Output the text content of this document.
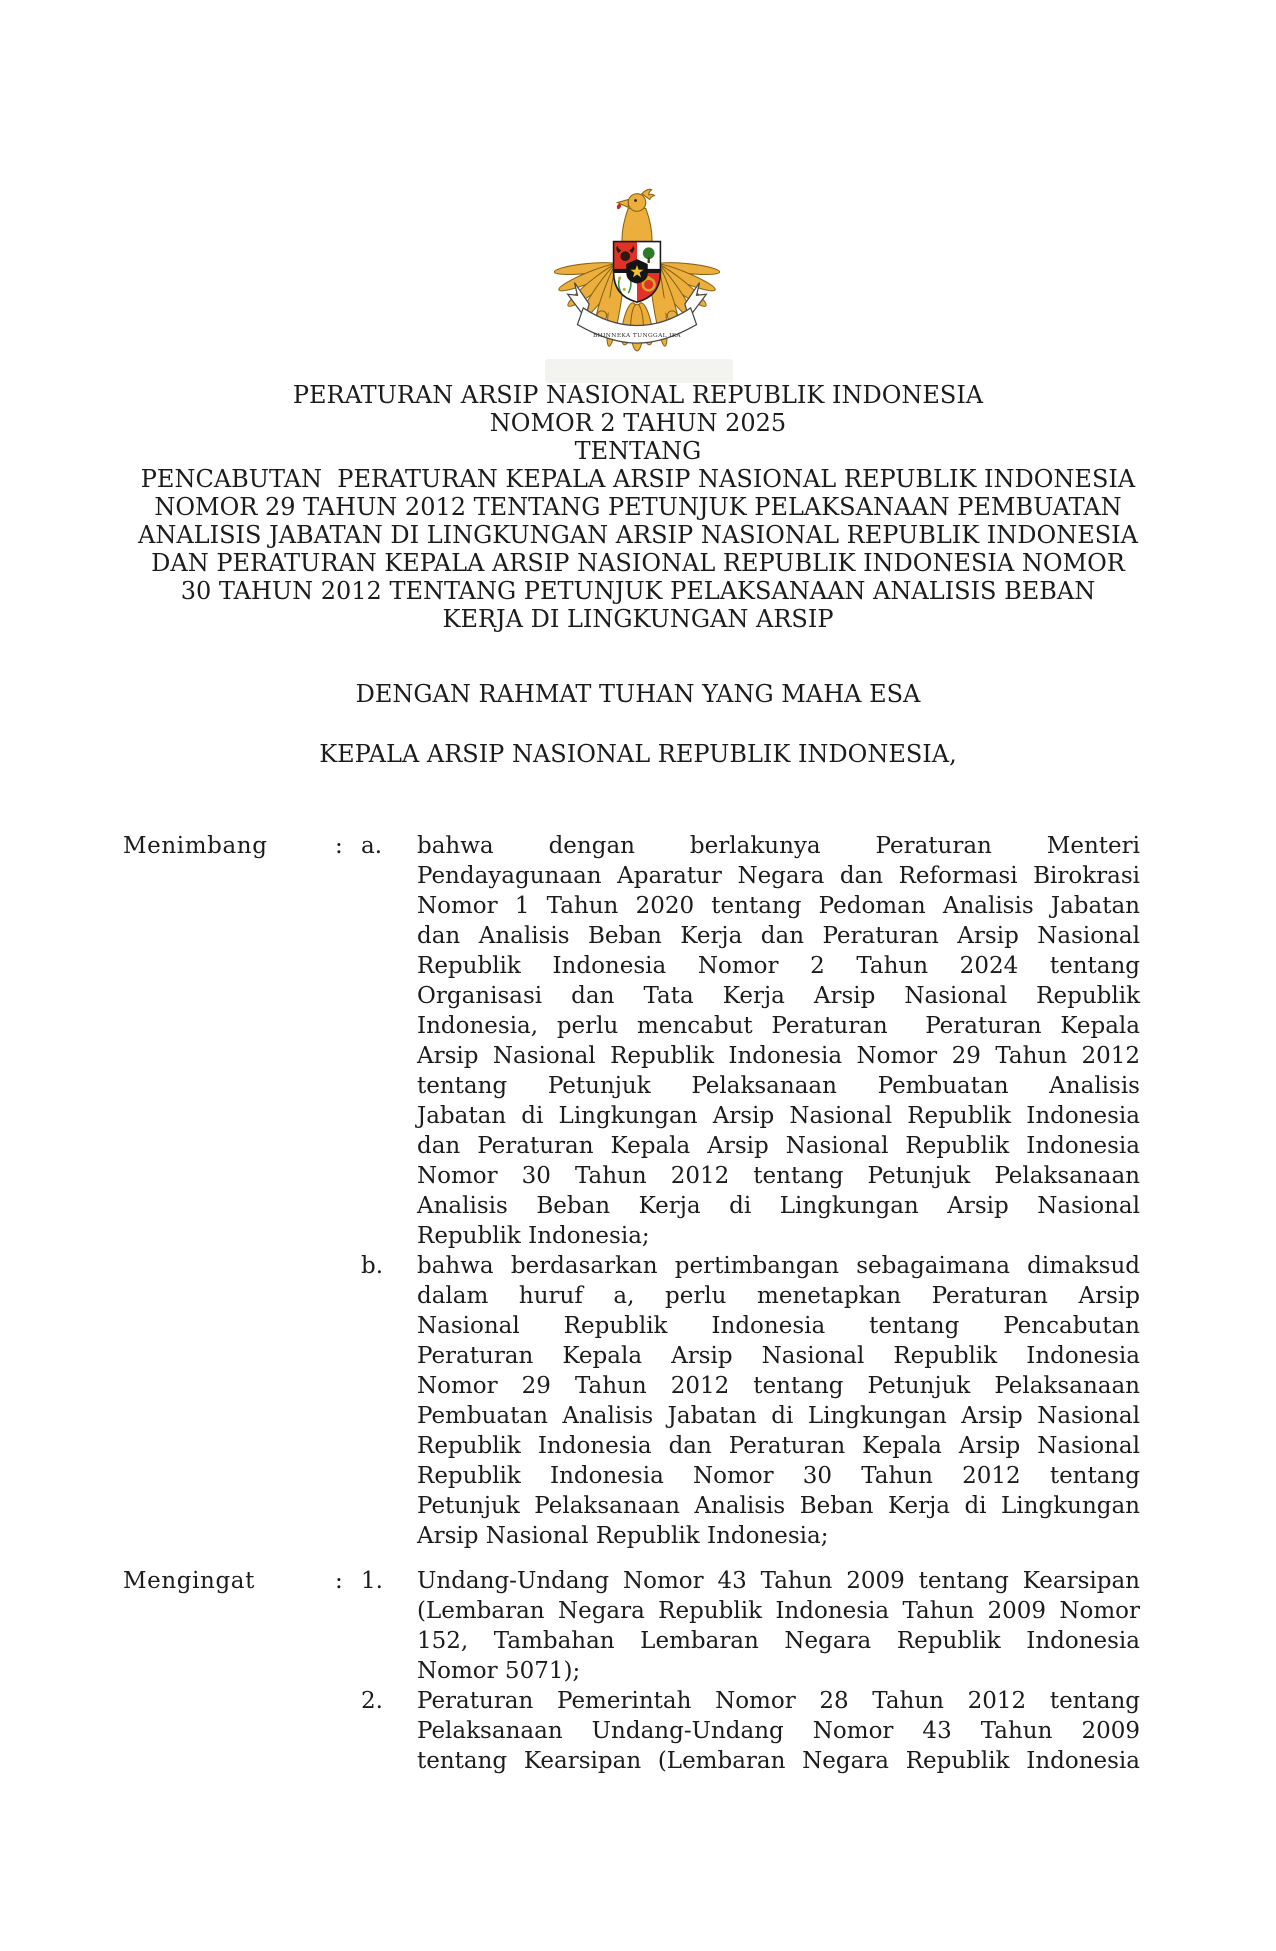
BHINNEKA TUNGGAL IKA
PERATURAN ARSIP NASIONAL REPUBLIK INDONESIA
NOMOR 2 TAHUN 2025
TENTANG
PENCABUTAN  PERATURAN KEPALA ARSIP NASIONAL REPUBLIK INDONESIA
NOMOR 29 TAHUN 2012 TENTANG PETUNJUK PELAKSANAAN PEMBUATAN
ANALISIS JABATAN DI LINGKUNGAN ARSIP NASIONAL REPUBLIK INDONESIA
DAN PERATURAN KEPALA ARSIP NASIONAL REPUBLIK INDONESIA NOMOR
30 TAHUN 2012 TENTANG PETUNJUK PELAKSANAAN ANALISIS BEBAN
KERJA DI LINGKUNGAN ARSIP
DENGAN RAHMAT TUHAN YANG MAHA ESA
KEPALA ARSIP NASIONAL REPUBLIK INDONESIA,
Menimbang	: a. bahwa dengan berlakunya Peraturan Menteri
Pendayagunaan Aparatur Negara dan Reformasi Birokrasi
Nomor 1 Tahun 2020 tentang Pedoman Analisis Jabatan
dan Analisis Beban Kerja dan Peraturan Arsip Nasional
Republik Indonesia Nomor 2 Tahun 2024 tentang
Organisasi dan Tata Kerja Arsip Nasional Republik
Indonesia, perlu mencabut Peraturan  Peraturan Kepala
Arsip Nasional Republik Indonesia Nomor 29 Tahun 2012
tentang Petunjuk Pelaksanaan Pembuatan Analisis
Jabatan di Lingkungan Arsip Nasional Republik Indonesia
dan Peraturan Kepala Arsip Nasional Republik Indonesia
Nomor 30 Tahun 2012 tentang Petunjuk Pelaksanaan
Analisis Beban Kerja di Lingkungan Arsip Nasional
Republik Indonesia;
b. bahwa berdasarkan pertimbangan sebagaimana dimaksud
dalam huruf a, perlu menetapkan Peraturan Arsip
Nasional Republik Indonesia tentang Pencabutan
Peraturan Kepala Arsip Nasional Republik Indonesia
Nomor 29 Tahun 2012 tentang Petunjuk Pelaksanaan
Pembuatan Analisis Jabatan di Lingkungan Arsip Nasional
Republik Indonesia dan Peraturan Kepala Arsip Nasional
Republik Indonesia Nomor 30 Tahun 2012 tentang
Petunjuk Pelaksanaan Analisis Beban Kerja di Lingkungan
Arsip Nasional Republik Indonesia;
Mengingat	: 1. Undang-Undang Nomor 43 Tahun 2009 tentang Kearsipan
(Lembaran Negara Republik Indonesia Tahun 2009 Nomor
152, Tambahan Lembaran Negara Republik Indonesia
Nomor 5071);
2. Peraturan Pemerintah Nomor 28 Tahun 2012 tentang
Pelaksanaan Undang-Undang Nomor 43 Tahun 2009
tentang Kearsipan (Lembaran Negara Republik Indonesia
